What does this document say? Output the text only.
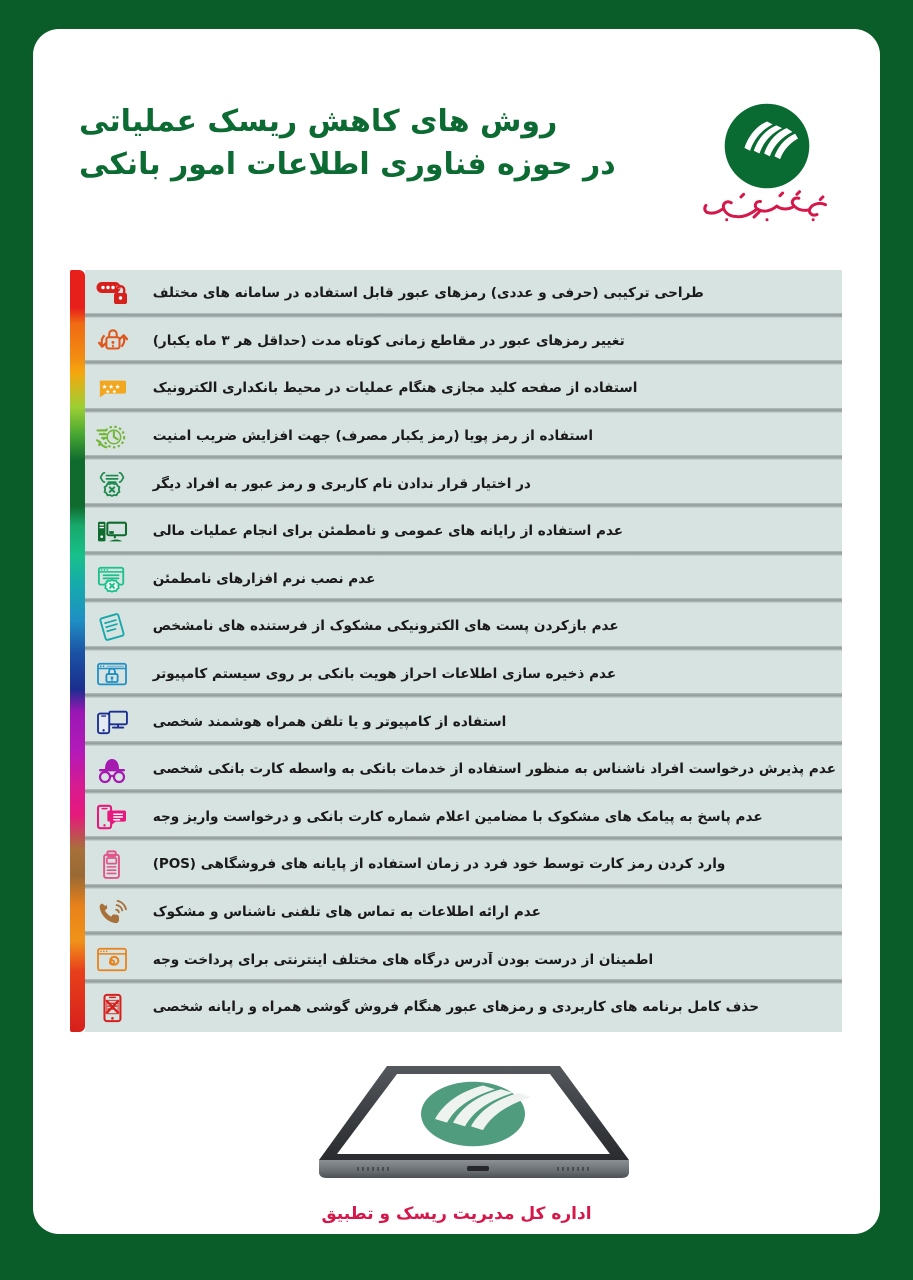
روش های کاهش ریسک عملیاتی
در حوزه فناوری اطلاعات امور بانکی
طراحی ترکیبی (حرفی و عددی) رمزهای عبور قابل استفاده در سامانه های مختلف
تغییر رمزهای عبور در مقاطع زمانی کوتاه مدت (حداقل هر ۳ ماه یکبار)
استفاده از صفحه کلید مجازی هنگام عملیات در محیط بانکداری الکترونیک
استفاده از رمز پویا (رمز یکبار مصرف) جهت افزایش ضریب امنیت
در اختیار قرار ندادن نام کاربری و رمز عبور به افراد دیگر
عدم استفاده از رایانه های عمومی و نامطمئن برای انجام عملیات مالی
عدم نصب نرم افزارهای نامطمئن
عدم بازکردن پست های الکترونیکی مشکوک از فرستنده های نامشخص
عدم ذخیره سازی اطلاعات احراز هویت بانکی بر روی سیستم کامپیوتر
استفاده از کامپیوتر و یا تلفن همراه هوشمند شخصی
عدم پذیرش درخواست افراد ناشناس به منظور استفاده از خدمات بانکی به واسطه کارت بانکی شخصی
عدم پاسخ به پیامک های مشکوک با مضامین اعلام شماره کارت بانکی و درخواست واریز وجه
وارد کردن رمز کارت توسط خود فرد در زمان استفاده از پایانه های فروشگاهی (POS)
عدم ارائه اطلاعات به تماس های تلفنی ناشناس و مشکوک
اطمینان از درست بودن آدرس درگاه های مختلف اینترنتی برای پرداخت وجه
حذف کامل برنامه های کاربردی و رمزهای عبور هنگام فروش گوشی همراه و رایانه شخصی
اداره کل مدیریت ریسک و تطبیق
